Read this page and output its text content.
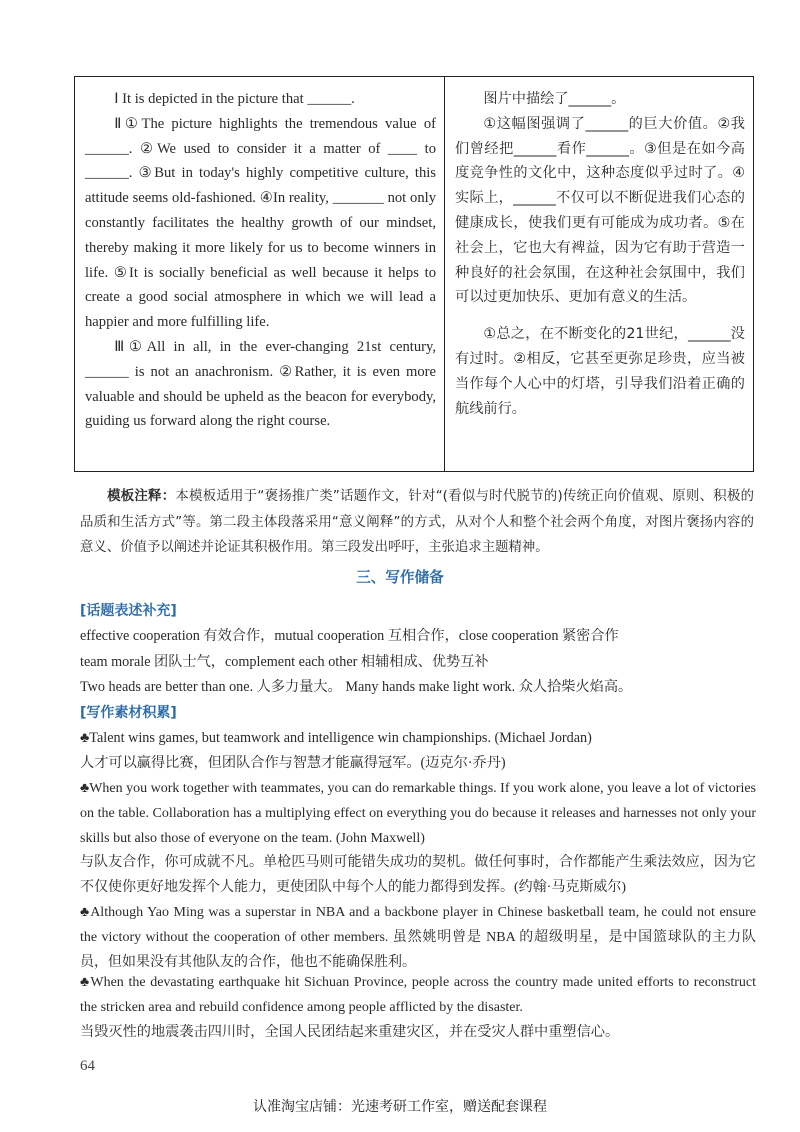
Ⅰ It is depicted in the picture that ______.

Ⅱ①The picture highlights the tremendous value of ______. ②We used to consider it a matter of ____ to ______. ③But in today's highly competitive culture, this attitude seems old-fashioned. ④In reality, _______ not only constantly facilitates the healthy growth of our mindset, thereby making it more likely for us to become winners in life. ⑤It is socially beneficial as well because it helps to create a good social atmosphere in which we will lead a happier and more fulfilling life.

Ⅲ①All in all, in the ever-changing 21st century, ______ is not an anachronism. ②Rather, it is even more valuable and should be upheld as the beacon for everybody, guiding us forward along the right course.

图片中描绘了______。

①这幅图强调了______的巨大价值。②我们曾经把______看作______。③但是在如今高度竞争性的文化中，这种态度似乎过时了。④实际上，______不仅可以不断促进我们心态的健康成长，使我们更有可能成为成功者。⑤在社会上，它也大有裨益，因为它有助于营造一种良好的社会氛围，在这种社会氛围中，我们可以过更加快乐、更加有意义的生活。

①总之，在不断变化的21世纪，______没有过时。②相反，它甚至更弥足珍贵，应当被当作每个人心中的灯塔，引导我们沿着正确的航线前行。

模板注释：本模板适用于“褒扬推广类”话题作文，针对“(看似与时代脱节的)传统正向价值观、原则、积极的品质和生活方式”等。第二段主体段落采用“意义阐释”的方式，从对个人和整个社会两个角度，对图片褒扬内容的意义、价值予以阐述并论证其积极作用。第三段发出呼吁，主张追求主题精神。
三、写作储备
[话题表述补充]
effective cooperation 有效合作，mutual cooperation 互相合作，close cooperation 紧密合作
team morale 团队士气，complement each other 相辅相成、优势互补
Two heads are better than one. 人多力量大。 Many hands make light work. 众人拾柴火焰高。
[写作素材积累]
♣Talent wins games, but teamwork and intelligence win championships. (Michael Jordan)
人才可以赢得比赛，但团队合作与智慧才能赢得冠军。(迈克尔·乔丹)
♣When you work together with teammates, you can do remarkable things. If you work alone, you leave a lot of victories on the table. Collaboration has a multiplying effect on everything you do because it releases and harnesses not only your skills but also those of everyone on the team. (John Maxwell)
与队友合作，你可成就不凡。单枪匹马则可能错失成功的契机。做任何事时，合作都能产生乘法效应，因为它不仅使你更好地发挥个人能力，更使团队中每个人的能力都得到发挥。(约翰·马克斯威尔)
♣Although Yao Ming was a superstar in NBA and a backbone player in Chinese basketball team, he could not ensure the victory without the cooperation of other members. 虽然姚明曾是 NBA 的超级明星，是中国篮球队的主力队员，但如果没有其他队友的合作，他也不能确保胜利。
♣When the devastating earthquake hit Sichuan Province, people across the country made united efforts to reconstruct the stricken area and rebuild confidence among people afflicted by the disaster.
当毁灭性的地震袭击四川时，全国人民团结起来重建灾区，并在受灾人群中重塑信心。
64
认准淘宝店铺：光速考研工作室，赠送配套课程
